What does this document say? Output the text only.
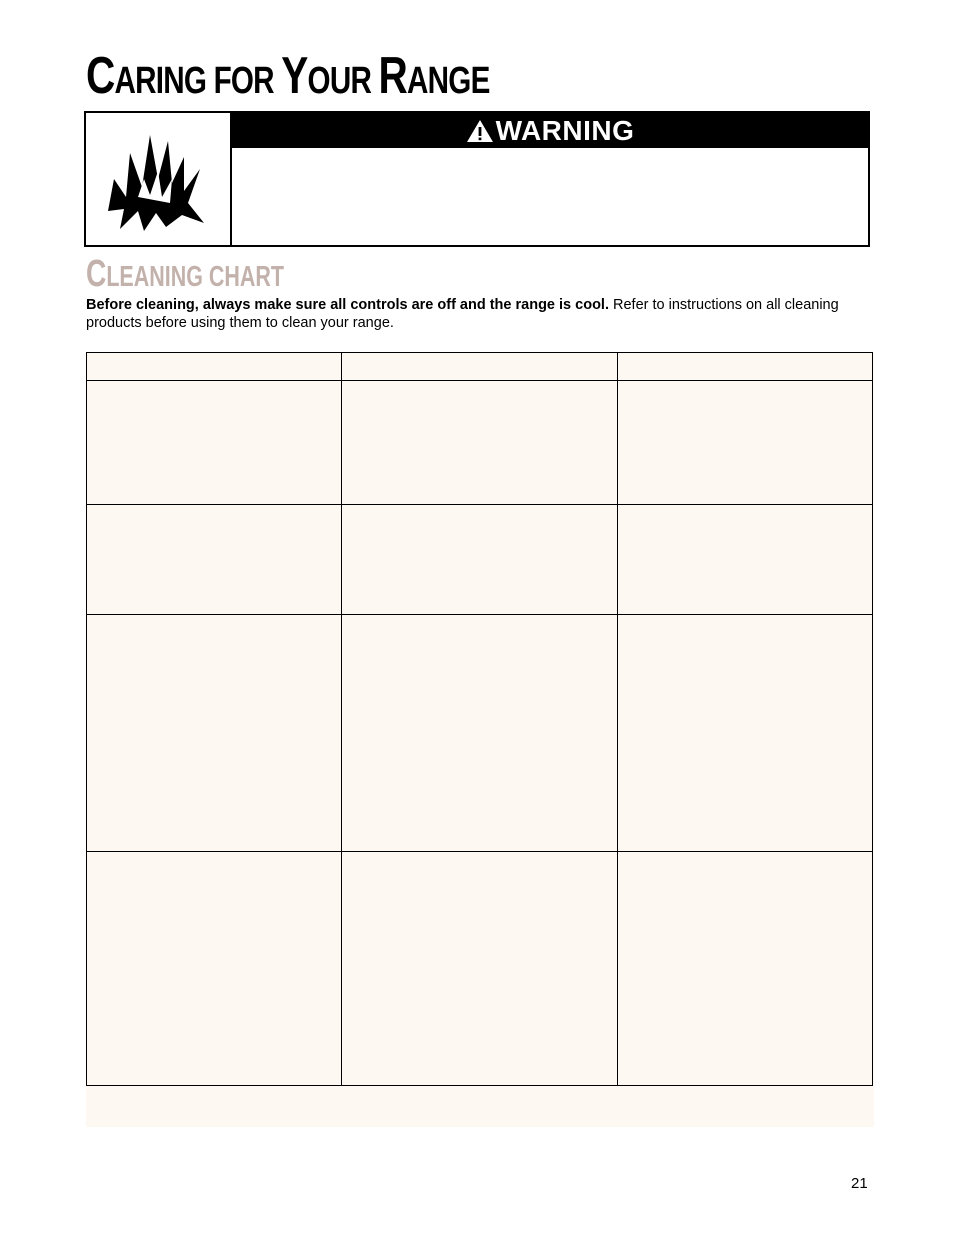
CARING FOR YOUR RANGE
WARNING
CLEANING CHART
Before cleaning, always make sure all controls are off and the range is cool. Refer to instructions on all cleaning products before using them to clean your range.

21
